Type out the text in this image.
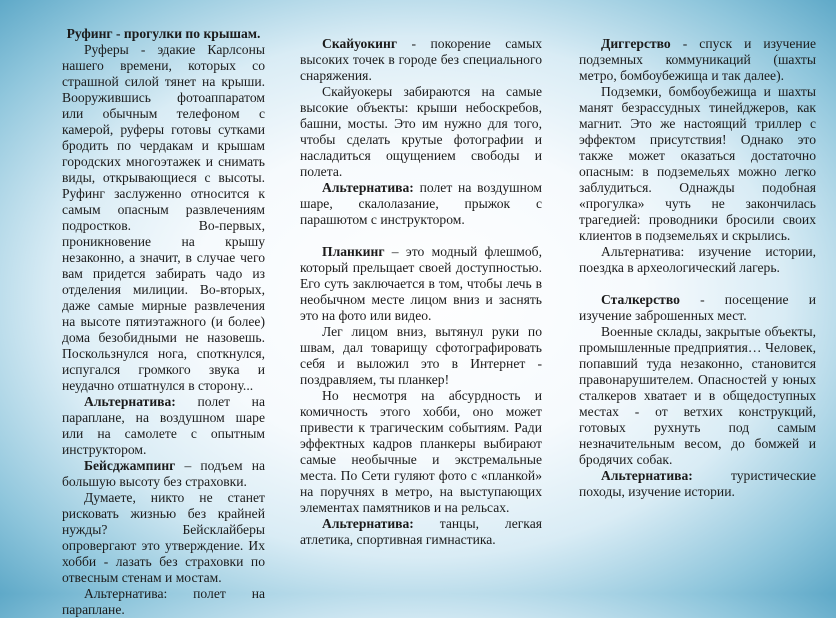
Руфинг - прогулки по крышам.

Руферы - эдакие Карлсоны нашего времени, которых со страшной силой тянет на крыши. Вооружившись фотоаппаратом или обычным телефоном с камерой, руферы готовы сутками бродить по чердакам и крышам городских многоэтажек и снимать виды, открывающиеся с высоты. Руфинг заслуженно относится к самым опасным развлечениям подростков. Во-первых, проникновение на крышу незаконно, а значит, в случае чего вам придется забирать чадо из отделения милиции. Во-вторых, даже самые мирные развлечения на высоте пятиэтажного (и более) дома безобидными не назовешь. Поскользнулся нога, споткнулся, испугался громкого звука и неудачно отшатнулся в сторону...

Альтернатива: полет на параплане, на воздушном шаре или на самолете с опытным инструктором.

Бейсджампинг – подъем на большую высоту без страховки.

Думаете, никто не станет рисковать жизнью без крайней нужды? Бейсклайберы опровергают это утверждение. Их хобби - лазать без страховки по отвесным стенам и мостам.

Альтернатива: полет на параплане.

Скайуокинг - покорение самых высоких точек в городе без специального снаряжения.

Скайуокеры забираются на самые высокие объекты: крыши небоскребов, башни, мосты. Это им нужно для того, чтобы сделать крутые фотографии и насладиться ощущением свободы и полета.

Альтернатива: полет на воздушном шаре, скалолазание, прыжок с парашютом с инструктором.

Планкинг – это модный флешмоб, который прельщает своей доступностью. Его суть заключается в том, чтобы лечь в необычном месте лицом вниз и заснять это на фото или видео.

Лег лицом вниз, вытянул руки по швам, дал товарищу сфотографировать себя и выложил это в Интернет - поздравляем, ты планкер!

Но несмотря на абсурдность и комичность этого хобби, оно может привести к трагическим событиям. Ради эффектных кадров планкеры выбирают самые необычные и экстремальные места. По Сети гуляют фото с «планкой» на поручнях в метро, на выступающих элементах памятников и на рельсах.

Альтернатива: танцы, легкая атлетика, спортивная гимнастика.

Диггерство - спуск и изучение подземных коммуникаций (шахты метро, бомбоубежища и так далее).

Подземки, бомбоубежища и шахты манят безрассудных тинейджеров, как магнит. Это же настоящий триллер с эффектом присутствия! Однако это также может оказаться достаточно опасным: в подземельях можно легко заблудиться. Однажды подобная «прогулка» чуть не закончилась трагедией: проводники бросили своих клиентов в подземельях и скрылись.

Альтернатива: изучение истории, поездка в археологический лагерь.

Сталкерство - посещение и изучение заброшенных мест.

Военные склады, закрытые объекты, промышленные предприятия… Человек, попавший туда незаконно, становится правонарушителем. Опасностей у юных сталкеров хватает и в общедоступных местах - от ветхих конструкций, готовых рухнуть под самым незначительным весом, до бомжей и бродячих собак.

Альтернатива: туристические походы, изучение истории.
